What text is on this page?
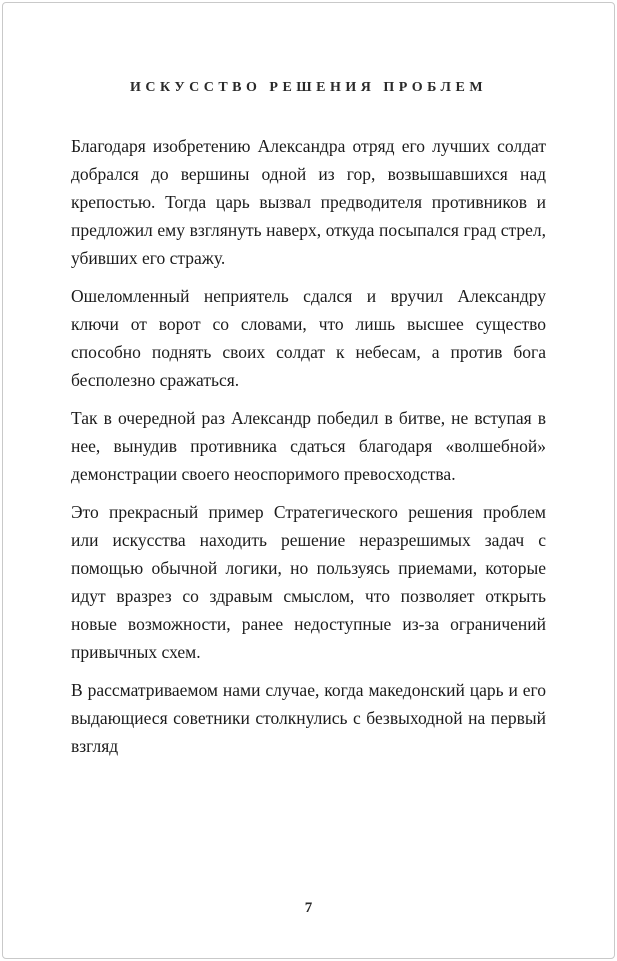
ИСКУССТВО РЕШЕНИЯ ПРОБЛЕМ

Благодаря изобретению Александра отряд его лучших солдат добрался до вершины одной из гор, возвышавшихся над крепостью. Тогда царь вызвал предводителя противников и предложил ему взглянуть наверх, откуда посыпался град стрел, убивших его стражу.

Ошеломленный неприятель сдался и вручил Александру ключи от ворот со словами, что лишь высшее существо способно поднять своих солдат к небесам, а против бога бесполезно сражаться.

Так в очередной раз Александр победил в битве, не вступая в нее, вынудив противника сдаться благодаря «волшебной» демонстрации своего неоспоримого превосходства.

Это прекрасный пример Стратегического решения проблем или искусства находить решение неразрешимых задач с помощью обычной логики, но пользуясь приемами, которые идут вразрез со здравым смыслом, что позволяет открыть новые возможности, ранее недоступные из-за ограничений привычных схем.

В рассматриваемом нами случае, когда македонский царь и его выдающиеся советники столкнулись с безвыходной на первый взгляд

7
